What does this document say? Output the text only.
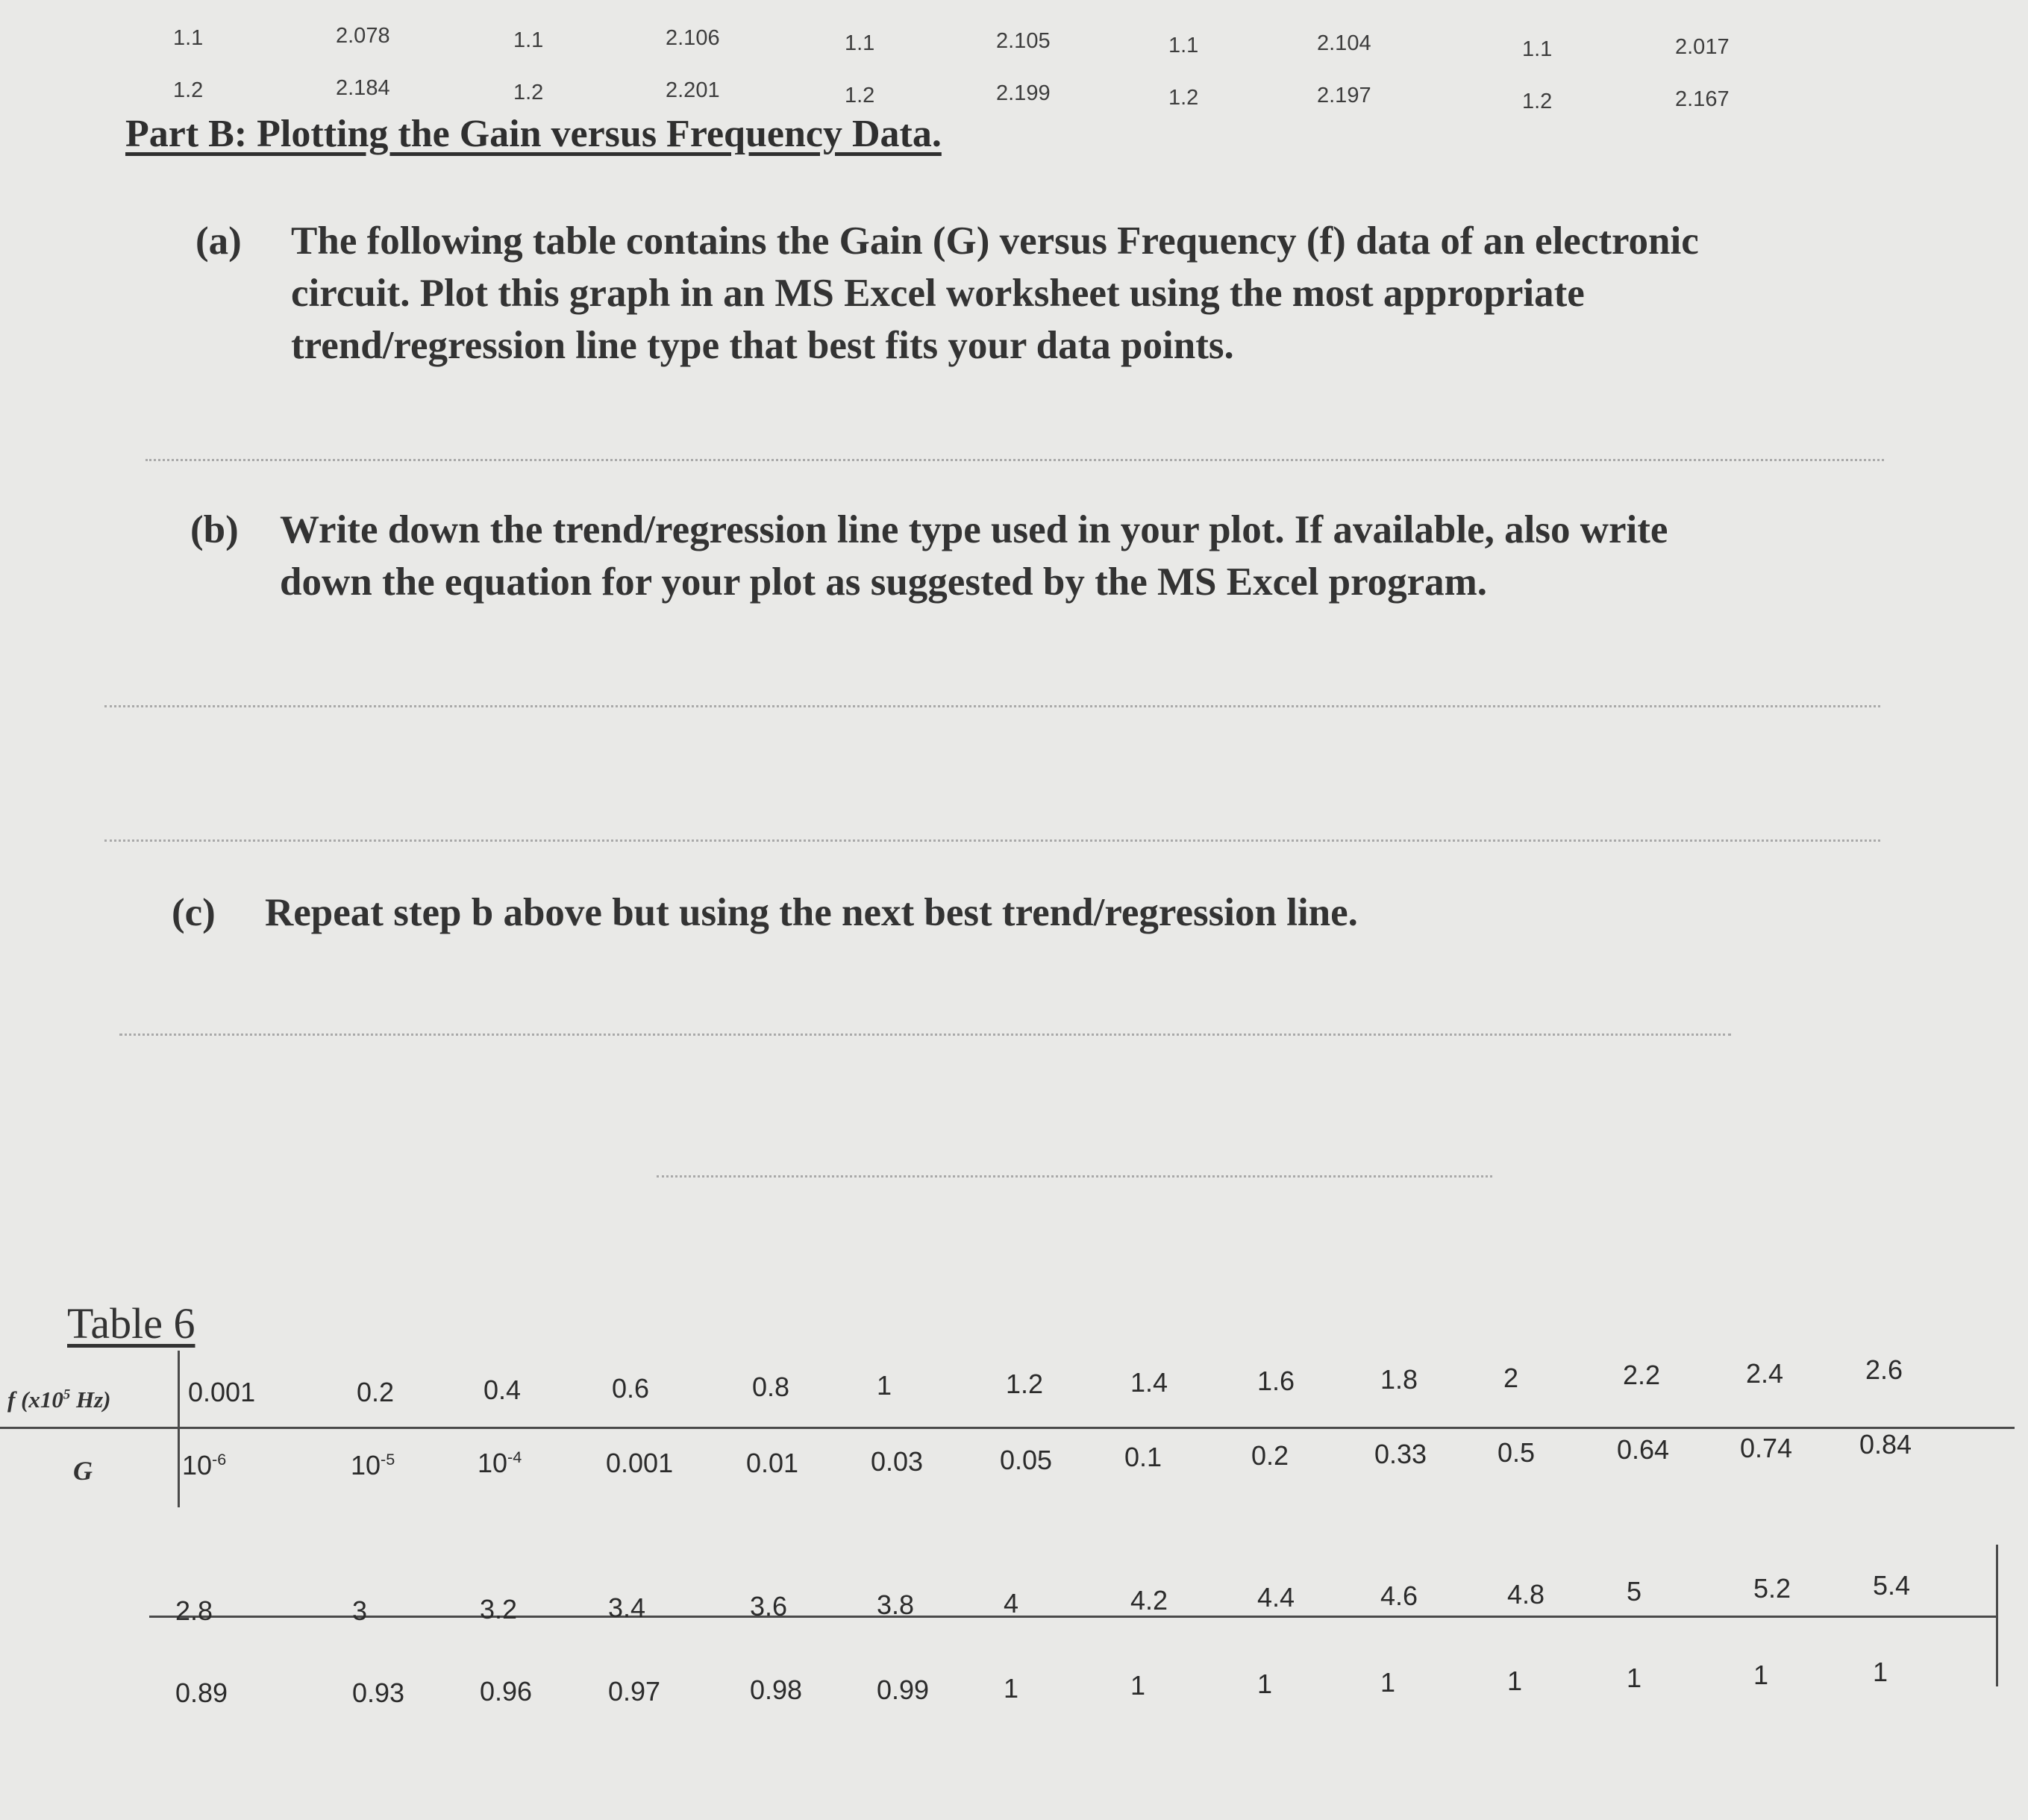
1.1	2.078	1.1	2.106	1.1	2.105	1.1	2.104	1.1	2.017
1.2	2.184	1.2	2.201	1.2	2.199	1.2	2.197	1.2	2.167
Part B: Plotting the Gain versus Frequency Data.
(a) The following table contains the Gain (G) versus Frequency (f) data of an electronic
circuit. Plot this graph in an MS Excel worksheet using the most appropriate
trend/regression line type that best fits your data points.
(b) Write down the trend/regression line type used in your plot. If available, also write
down the equation for your plot as suggested by the MS Excel program.
(c) Repeat step b above but using the next best trend/regression line.
Table 6
f ($x10^5$ Hz)
G
0.001	0.2	0.4	0.6	0.8	1	1.2	1.4	1.6	1.8	2	2.2	2.4	2.6
$10^{-6}$	$10^{-5}$	$10^{-4}$	0.001	0.01	0.03	0.05	0.1	0.2	0.33	0.5	0.64	0.74 0.84
2.8	3	3.2	3.4	3.6	3.8	4	4.2	4.4	4.6	4.8	5	5.2	5.4
0.89	0.93	0.96	0.97	0.98	0.99	1	1	1	1	1	1	1	1
